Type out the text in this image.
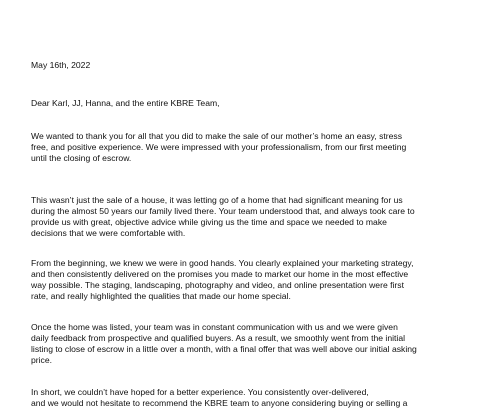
May 16th, 2022

Dear Karl, JJ, Hanna, and the entire KBRE Team,

We wanted to thank you for all that you did to make the sale of our mother’s home an easy, stress
free, and positive experience. We were impressed with your professionalism, from our first meeting
until the closing of escrow.

This wasn’t just the sale of a house, it was letting go of a home that had significant meaning for us
during the almost 50 years our family lived there. Your team understood that, and always took care to
provide us with great, objective advice while giving us the time and space we needed to make
decisions that we were comfortable with.

From the beginning, we knew we were in good hands. You clearly explained your marketing strategy,
and then consistently delivered on the promises you made to market our home in the most effective
way possible. The staging, landscaping, photography and video, and online presentation were first
rate, and really highlighted the qualities that made our home special.

Once the home was listed, your team was in constant communication with us and we were given
daily feedback from prospective and qualified buyers. As a result, we smoothly went from the initial
listing to close of escrow in a little over a month, with a final offer that was well above our initial asking
price.

In short, we couldn’t have hoped for a better experience. You consistently over-delivered,
and we would not hesitate to recommend the KBRE team to anyone considering buying or selling a
